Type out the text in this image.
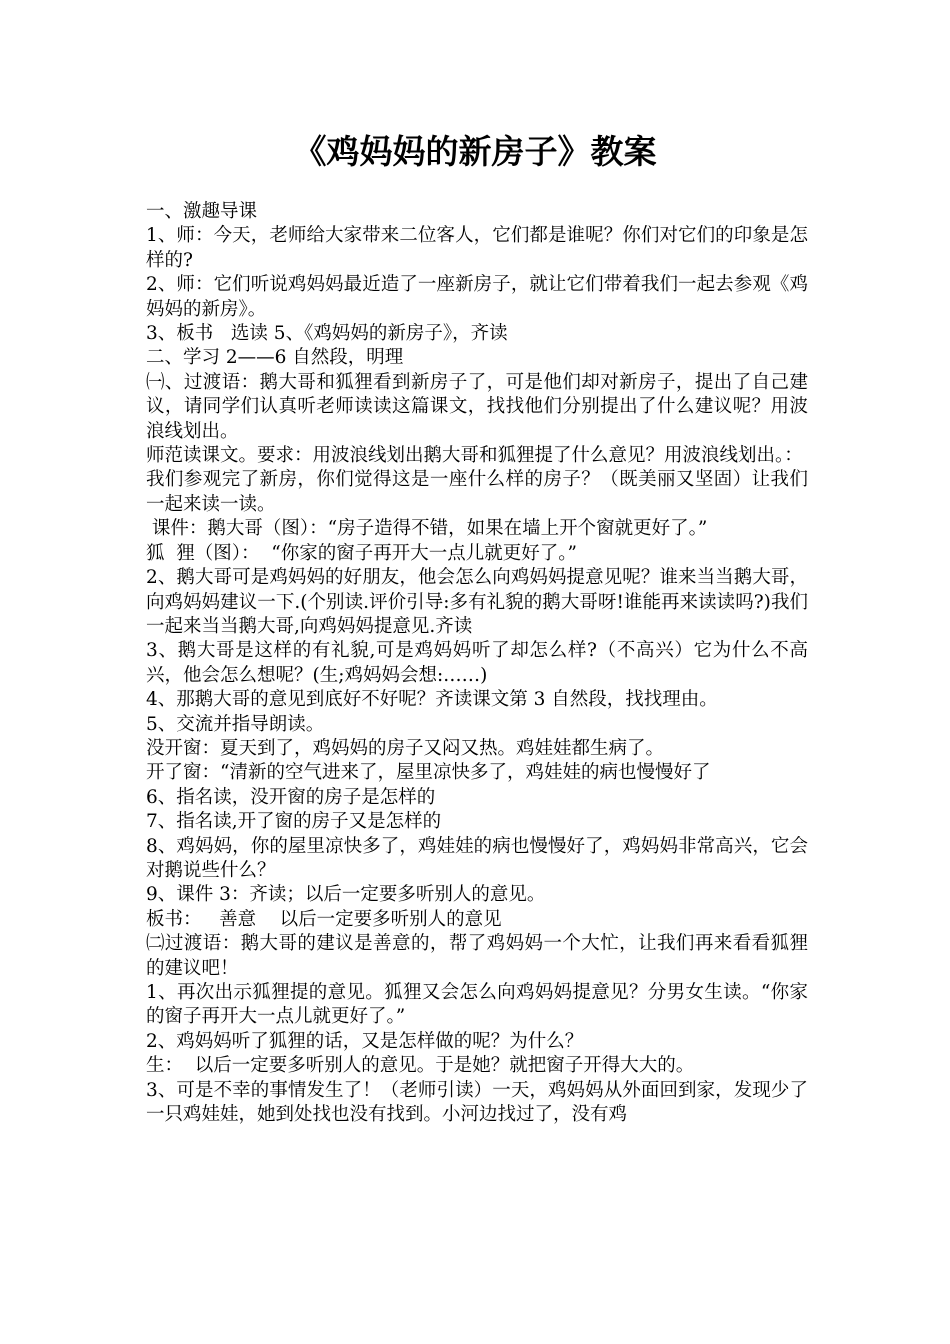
《鸡妈妈的新房子》教案

一、激趣导课

1、师：今天，老师给大家带来二位客人，它们都是谁呢？你们对它们的印象是怎样的?

2、师：它们听说鸡妈妈最近造了一座新房子，就让它们带着我们一起去参观《鸡妈妈的新房》。

3、板书   选读 5、《鸡妈妈的新房子》，齐读

二、学习 2——6 自然段，明理

㈠、过渡语：鹅大哥和狐狸看到新房子了，可是他们却对新房子，提出了自己建议，请同学们认真听老师读读这篇课文，找找他们分别提出了什么建议呢？用波浪线划出。

师范读课文。要求：用波浪线划出鹅大哥和狐狸提了什么意见？用波浪线划出。：

我们参观完了新房，你们觉得这是一座什么样的房子？（既美丽又坚固）让我们一起来读一读。

课件：鹅大哥（图）：“房子造得不错，如果在墙上开个窗就更好了。”

狐  狸（图）：  “你家的窗子再开大一点儿就更好了。”

2、鹅大哥可是鸡妈妈的好朋友，他会怎么向鸡妈妈提意见呢？谁来当当鹅大哥，向鸡妈妈建议一下.(个别读.评价引导:多有礼貌的鹅大哥呀!谁能再来读读吗?)我们一起来当当鹅大哥,向鸡妈妈提意见.齐读

3、鹅大哥是这样的有礼貌,可是鸡妈妈听了却怎么样?（不高兴）它为什么不高兴，他会怎么想呢？(生;鸡妈妈会想:……)

4、那鹅大哥的意见到底好不好呢？齐读课文第 3 自然段，找找理由。

5、交流并指导朗读。

没开窗：夏天到了，鸡妈妈的房子又闷又热。鸡娃娃都生病了。

开了窗：“清新的空气进来了，屋里凉快多了，鸡娃娃的病也慢慢好了

6、指名读，没开窗的房子是怎样的

7、指名读,开了窗的房子又是怎样的

8、鸡妈妈，你的屋里凉快多了，鸡娃娃的病也慢慢好了，鸡妈妈非常高兴，它会对鹅说些什么？

9、课件 3：齐读；以后一定要多听别人的意见。

板书：   善意    以后一定要多听别人的意见

㈡过渡语：鹅大哥的建议是善意的，帮了鸡妈妈一个大忙，让我们再来看看狐狸的建议吧！

1、再次出示狐狸提的意见。狐狸又会怎么向鸡妈妈提意见？分男女生读。“你家的窗子再开大一点儿就更好了。”

2、鸡妈妈听了狐狸的话，又是怎样做的呢？为什么？

生：  以后一定要多听别人的意见。于是她？就把窗子开得大大的。

3、可是不幸的事情发生了！（老师引读）一天，鸡妈妈从外面回到家，发现少了一只鸡娃娃，她到处找也没有找到。小河边找过了，没有鸡
